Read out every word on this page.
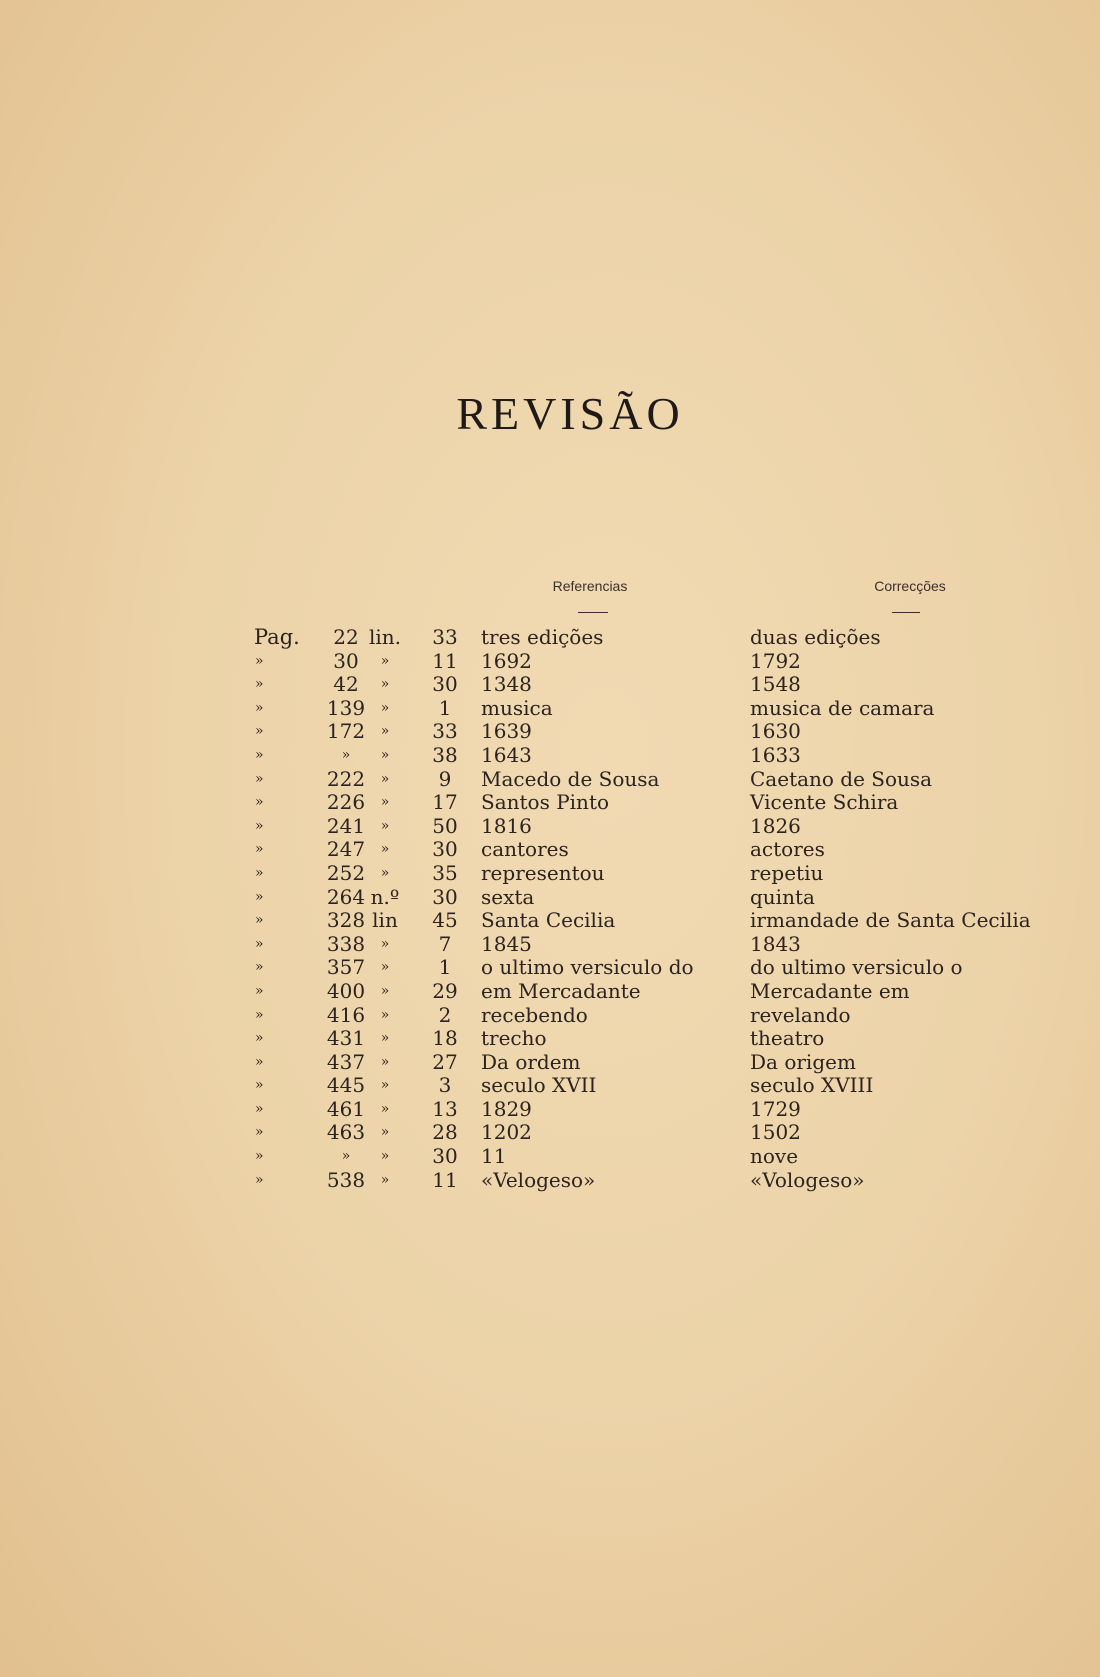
REVISÃO
Referencias	Correcções
Pag.	22 lin.	33	tres edições	duas edições
»	30	»	11	1692	1792
»	42	»	30	1348	1548
»	139	»	1	musica	musica de camara
»	172	»	33	1639	1630
»	»	»	38	1643	1633
»	222	»	9	Macedo de Sousa	Caetano de Sousa
»	226	»	17	Santos Pinto	Vicente Schira
»	241	»	50	1816	1826
»	247	»	30	cantores	actores
»	252	»	35	representou	repetiu
»	264 n.º	30	sexta	quinta
»	328 lin	45	Santa Cecilia	irmandade de Santa Cecilia
»	338	»	7	1845	1843
»	357	»	1	o ultimo versiculo do	do ultimo versiculo o
»	400	»	29	em Mercadante	Mercadante em
»	416	»	2	recebendo	revelando
»	431	»	18	trecho	theatro
»	437	»	27	Da ordem	Da origem
»	445	»	3	seculo XVII	seculo XVIII
»	461	»	13	1829	1729
»	463	»	28	1202	1502
»	»	»	30	11	nove
»	538	»	11	«Velogeso»	«Vologeso»
